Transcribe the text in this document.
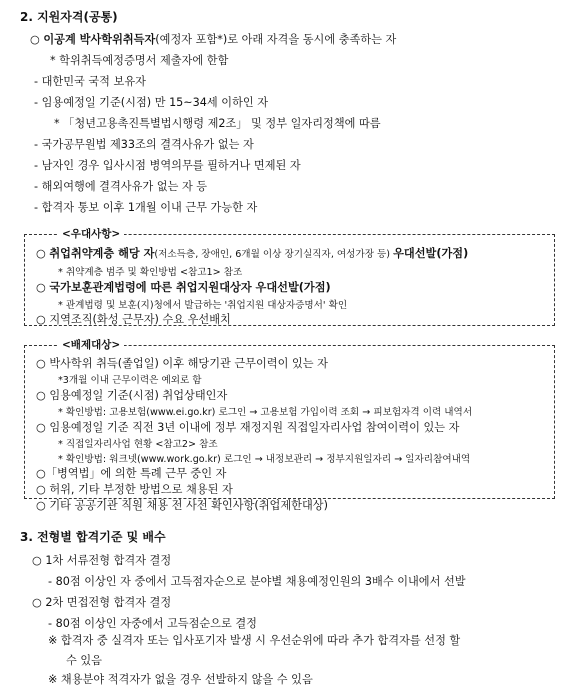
2. 지원자격(공통)
○ 이공계 박사학위취득자(예정자 포함*)로 아래 자격을 동시에 충족하는 자
* 학위취득예정증명서 제출자에 한함
- 대한민국 국적 보유자
- 임용예정일 기준(시점) 만 15~34세 이하인 자
* 「청년고용촉진특별법시행령 제2조」 및 정부 일자리정책에 따름
- 국가공무원법 제33조의 결격사유가 없는 자
- 남자인 경우 입사시점 병역의무를 필하거나 면제된 자
- 해외여행에 결격사유가 없는 자 등
- 합격자 통보 이후 1개월 이내 근무 가능한 자
<우대사항>
○ 취업취약계층 해당 자(저소득층, 장애인, 6개월 이상 장기실직자, 여성가장 등) 우대선발(가점)
* 취약계층 범주 및 확인방법 <참고1> 참조
○ 국가보훈관계법령에 따른 취업지원대상자 우대선발(가점)
* 관계법령 및 보훈(지)청에서 발급하는 '취업지원 대상자증명서' 확인
○ 지역조직(화성 근무자) 수요 우선배치
<배제대상>
○ 박사학위 취득(졸업일) 이후 해당기관 근무이력이 있는 자
*3개월 이내 근무이력은 예외로 함
○ 임용예정일 기준(시점) 취업상태인자
* 확인방법: 고용보험(www.ei.go.kr) 로그인 → 고용보험 가입이력 조회 → 피보험자격 이력 내역서
○ 임용예정일 기준 직전 3년 이내에 정부 재정지원 직접일자리사업 참여이력이 있는 자
* 직접일자리사업 현황 <참고2> 참조
* 확인방법: 워크넷(www.work.go.kr) 로그인 → 내정보관리 → 정부지원일자리 → 일자리참여내역
○「병역법」에 의한 특례 근무 중인 자
○ 허위, 기타 부정한 방법으로 채용된 자
○ 기타 공공기관 직원 채용 전 사전 확인사항(취업제한대상)
3. 전형별 합격기준 및 배수
○ 1차 서류전형 합격자 결정
- 80점 이상인 자 중에서 고득점자순으로 분야별 채용예정인원의 3배수 이내에서 선발
○ 2차 면접전형 합격자 결정
- 80점 이상인 자중에서 고득점순으로 결정
※ 합격자 중 실격자 또는 입사포기자 발생 시 우선순위에 따라 추가 합격자를 선정 할
수 있음
※ 채용분야 적격자가 없을 경우 선발하지 않을 수 있음
